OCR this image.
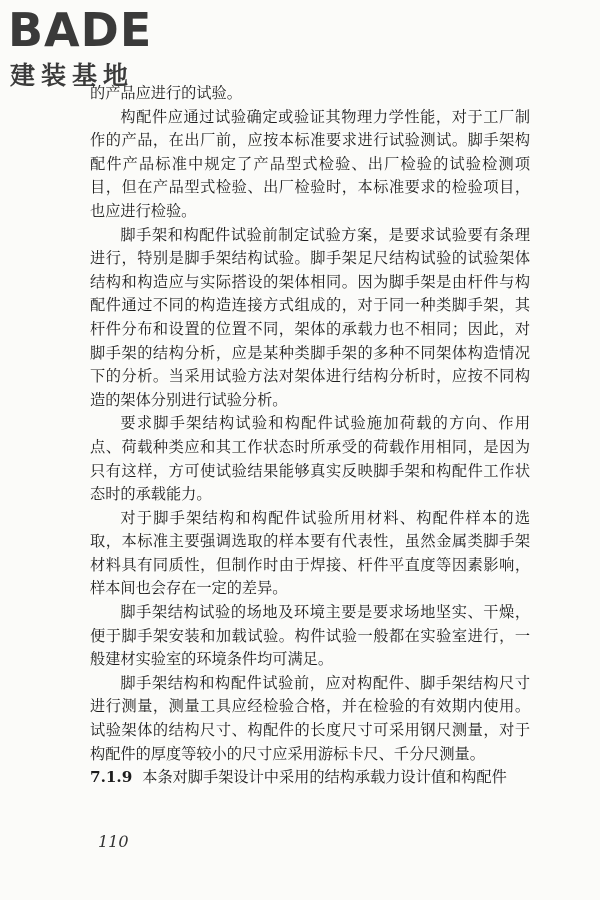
BADE
建装基地

的产品应进行的试验。

构配件应通过试验确定或验证其物理力学性能，对于工厂制作的产品，在出厂前，应按本标准要求进行试验测试。脚手架构配件产品标准中规定了产品型式检验、出厂检验的试验检测项目，但在产品型式检验、出厂检验时，本标准要求的检验项目，也应进行检验。

脚手架和构配件试验前制定试验方案，是要求试验要有条理进行，特别是脚手架结构试验。脚手架足尺结构试验的试验架体结构和构造应与实际搭设的架体相同。因为脚手架是由杆件与构配件通过不同的构造连接方式组成的，对于同一种类脚手架，其杆件分布和设置的位置不同，架体的承载力也不相同；因此，对脚手架的结构分析，应是某种类脚手架的多种不同架体构造情况下的分析。当采用试验方法对架体进行结构分析时，应按不同构造的架体分别进行试验分析。

要求脚手架结构试验和构配件试验施加荷载的方向、作用点、荷载种类应和其工作状态时所承受的荷载作用相同，是因为只有这样，方可使试验结果能够真实反映脚手架和构配件工作状态时的承载能力。

对于脚手架结构和构配件试验所用材料、构配件样本的选取，本标准主要强调选取的样本要有代表性，虽然金属类脚手架材料具有同质性，但制作时由于焊接、杆件平直度等因素影响，样本间也会存在一定的差异。

脚手架结构试验的场地及环境主要是要求场地坚实、干燥，便于脚手架安装和加载试验。构件试验一般都在实验室进行，一般建材实验室的环境条件均可满足。

脚手架结构和构配件试验前，应对构配件、脚手架结构尺寸进行测量，测量工具应经检验合格，并在检验的有效期内使用。试验架体的结构尺寸、构配件的长度尺寸可采用钢尺测量，对于构配件的厚度等较小的尺寸应采用游标卡尺、千分尺测量。

7.1.9 本条对脚手架设计中采用的结构承载力设计值和构配件

110
